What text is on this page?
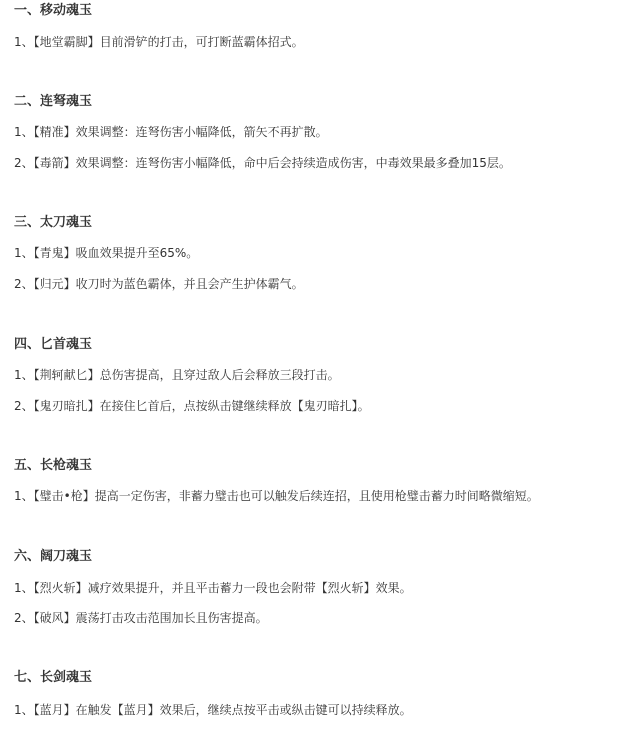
一、移动魂玉
1、【地堂霸脚】目前滑铲的打击，可打断蓝霸体招式。
二、连弩魂玉
1、【精准】效果调整：连弩伤害小幅降低，箭矢不再扩散。
2、【毒箭】效果调整：连弩伤害小幅降低，命中后会持续造成伤害，中毒效果最多叠加15层。
三、太刀魂玉
1、【青鬼】吸血效果提升至65%。
2、【归元】收刀时为蓝色霸体，并且会产生护体霸气。
四、匕首魂玉
1、【荆轲献匕】总伤害提高，且穿过敌人后会释放三段打击。
2、【鬼刃暗扎】在接住匕首后，点按纵击键继续释放【鬼刃暗扎】。
五、长枪魂玉
1、【璧击•枪】提高一定伤害，非蓄力璧击也可以触发后续连招，且使用枪璧击蓄力时间略微缩短。
六、阔刀魂玉
1、【烈火斩】减疗效果提升，并且平击蓄力一段也会附带【烈火斩】效果。
2、【破风】震荡打击攻击范围加长且伤害提高。
七、长剑魂玉
1、【蓝月】在触发【蓝月】效果后，继续点按平击或纵击键可以持续释放。
